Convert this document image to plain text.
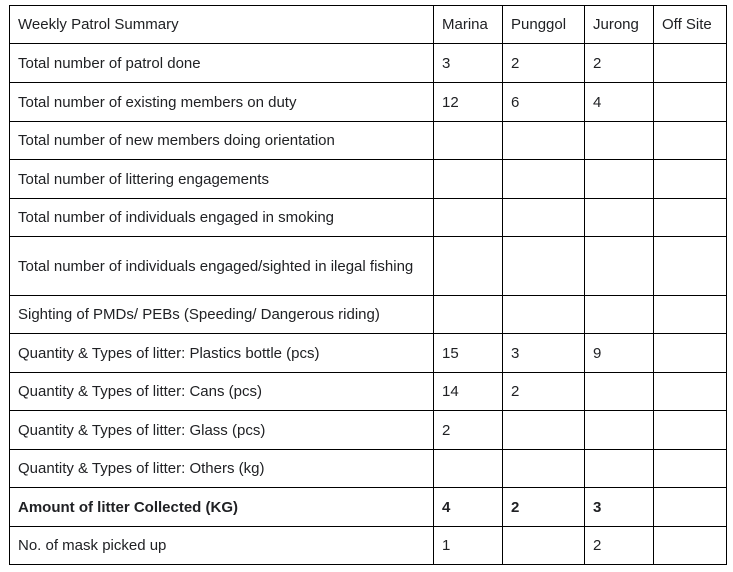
Weekly Patrol Summary	Marina	Punggol	Jurong	Off Site
Total number of patrol done	3	2	2	
Total number of existing members on duty	12	6	4	
Total number of new members doing orientation				
Total number of littering engagements				
Total number of individuals engaged in smoking				
Total number of individuals engaged/sighted in ilegal fishing				
Sighting of PMDs/ PEBs (Speeding/ Dangerous riding)				
Quantity & Types of litter: Plastics bottle (pcs)	15	3	9	
Quantity & Types of litter: Cans (pcs)	14	2		
Quantity & Types of litter: Glass (pcs)	2			
Quantity & Types of litter: Others (kg)				
Amount of litter Collected (KG)	4	2	3	
No. of mask picked up	1		2	
